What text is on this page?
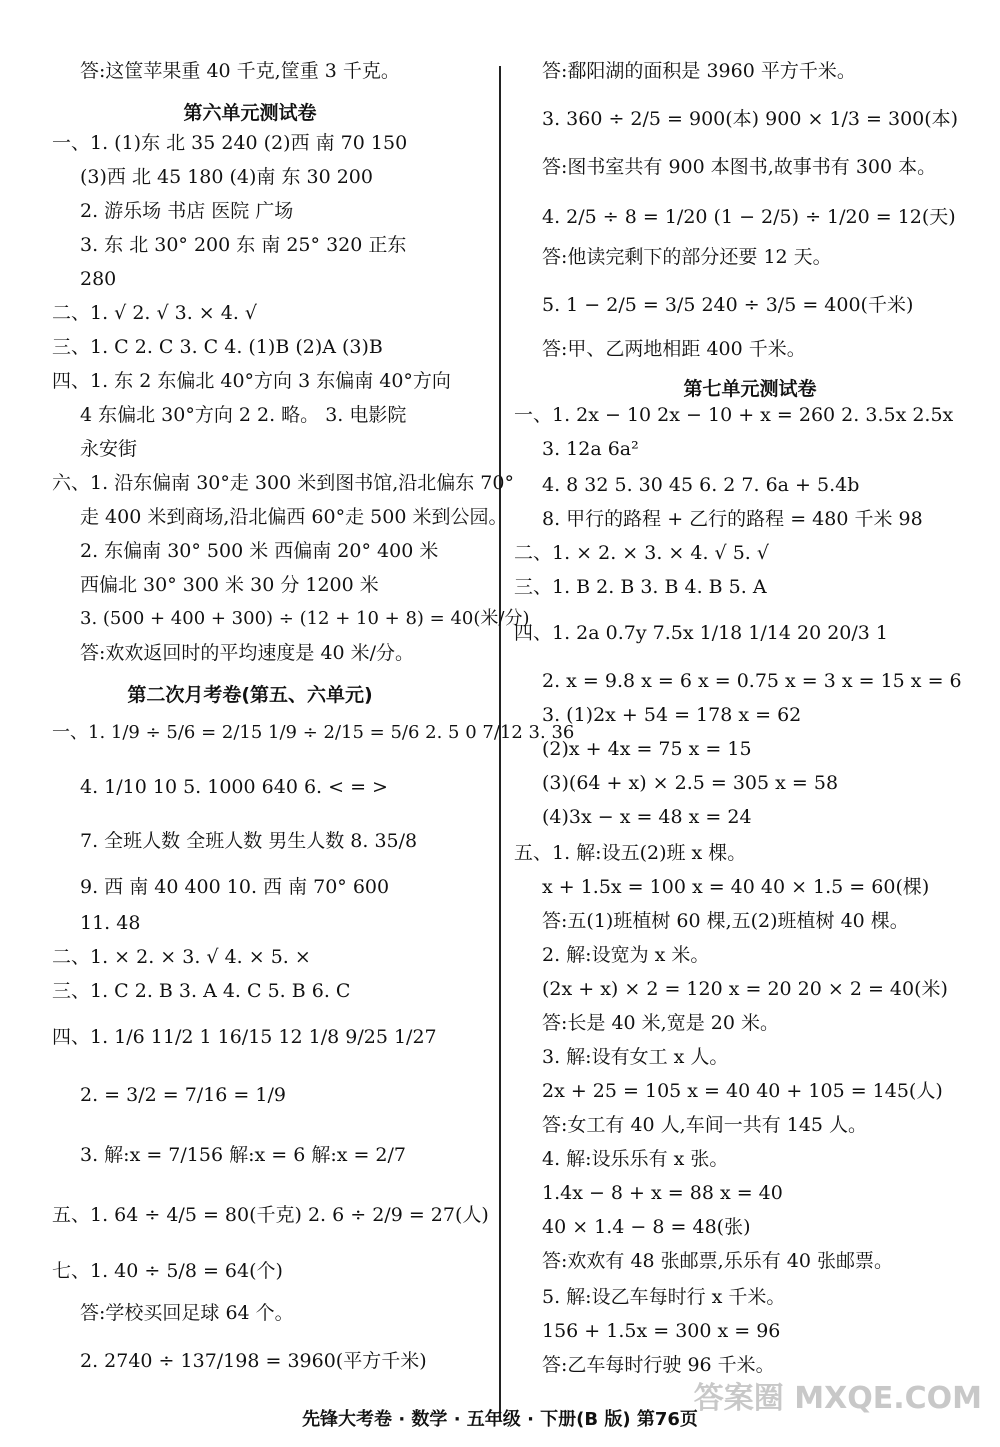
答:这筐苹果重 40 千克,筐重 3 千克。
第六单元测试卷
一、1. (1)东 北 35 240 (2)西 南 70 150
(3)西 北 45 180 (4)南 东 30 200
2. 游乐场 书店 医院 广场
3. 东 北 30° 200 东 南 25° 320 正东
280
二、1. √ 2. √ 3. × 4. √
三、1. C 2. C 3. C 4. (1)B (2)A (3)B
四、1. 东 2 东偏北 40°方向 3 东偏南 40°方向
4 东偏北 30°方向 2 2. 略。 3. 电影院
永安街
六、1. 沿东偏南 30°走 300 米到图书馆,沿北偏东 70°
走 400 米到商场,沿北偏西 60°走 500 米到公园。
2. 东偏南 30° 500 米 西偏南 20° 400 米
西偏北 30° 300 米 30 分 1200 米
3. (500 + 400 + 300) ÷ (12 + 10 + 8) = 40(米/分)
答:欢欢返回时的平均速度是 40 米/分。
第二次月考卷(第五、六单元)
一、1. 1/9 ÷ 5/6 = 2/15 1/9 ÷ 2/15 = 5/6 2. 5 0 7/12 3. 36
4. 1/10 10 5. 1000 640 6. < = >
7. 全班人数 全班人数 男生人数 8. 35/8
9. 西 南 40 400 10. 西 南 70° 600
11. 48
二、1. × 2. × 3. √ 4. × 5. ×
三、1. C 2. B 3. A 4. C 5. B 6. C
四、1. 1/6 11/2 1 16/15 12 1/8 9/25 1/27
2. = 3/2 = 7/16 = 1/9
3. 解:x = 7/156 解:x = 6 解:x = 2/7
五、1. 64 ÷ 4/5 = 80(千克) 2. 6 ÷ 2/9 = 27(人)
七、1. 40 ÷ 5/8 = 64(个)
答:学校买回足球 64 个。
2. 2740 ÷ 137/198 = 3960(平方千米)
答:鄱阳湖的面积是 3960 平方千米。
3. 360 ÷ 2/5 = 900(本) 900 × 1/3 = 300(本)
答:图书室共有 900 本图书,故事书有 300 本。
4. 2/5 ÷ 8 = 1/20 (1 − 2/5) ÷ 1/20 = 12(天)
答:他读完剩下的部分还要 12 天。
5. 1 − 2/5 = 3/5 240 ÷ 3/5 = 400(千米)
答:甲、乙两地相距 400 千米。
第七单元测试卷
一、1. 2x − 10 2x − 10 + x = 260 2. 3.5x 2.5x
3. 12a 6a²
4. 8 32 5. 30 45 6. 2 7. 6a + 5.4b
8. 甲行的路程 + 乙行的路程 = 480 千米 98
二、1. × 2. × 3. × 4. √ 5. √
三、1. B 2. B 3. B 4. B 5. A
四、1. 2a 0.7y 7.5x 1/18 1/14 20 20/3 1
2. x = 9.8 x = 6 x = 0.75 x = 3 x = 15 x = 6
3. (1)2x + 54 = 178 x = 62
(2)x + 4x = 75 x = 15
(3)(64 + x) × 2.5 = 305 x = 58
(4)3x − x = 48 x = 24
五、1. 解:设五(2)班 x 棵。
x + 1.5x = 100 x = 40 40 × 1.5 = 60(棵)
答:五(1)班植树 60 棵,五(2)班植树 40 棵。
2. 解:设宽为 x 米。
(2x + x) × 2 = 120 x = 20 20 × 2 = 40(米)
答:长是 40 米,宽是 20 米。
3. 解:设有女工 x 人。
2x + 25 = 105 x = 40 40 + 105 = 145(人)
答:女工有 40 人,车间一共有 145 人。
4. 解:设乐乐有 x 张。
1.4x − 8 + x = 88 x = 40
40 × 1.4 − 8 = 48(张)
答:欢欢有 48 张邮票,乐乐有 40 张邮票。
5. 解:设乙车每时行 x 千米。
156 + 1.5x = 300 x = 96
答:乙车每时行驶 96 千米。
先锋大考卷 · 数学 · 五年级 · 下册(B 版) 第76页
答案圈 MXQE.COM
